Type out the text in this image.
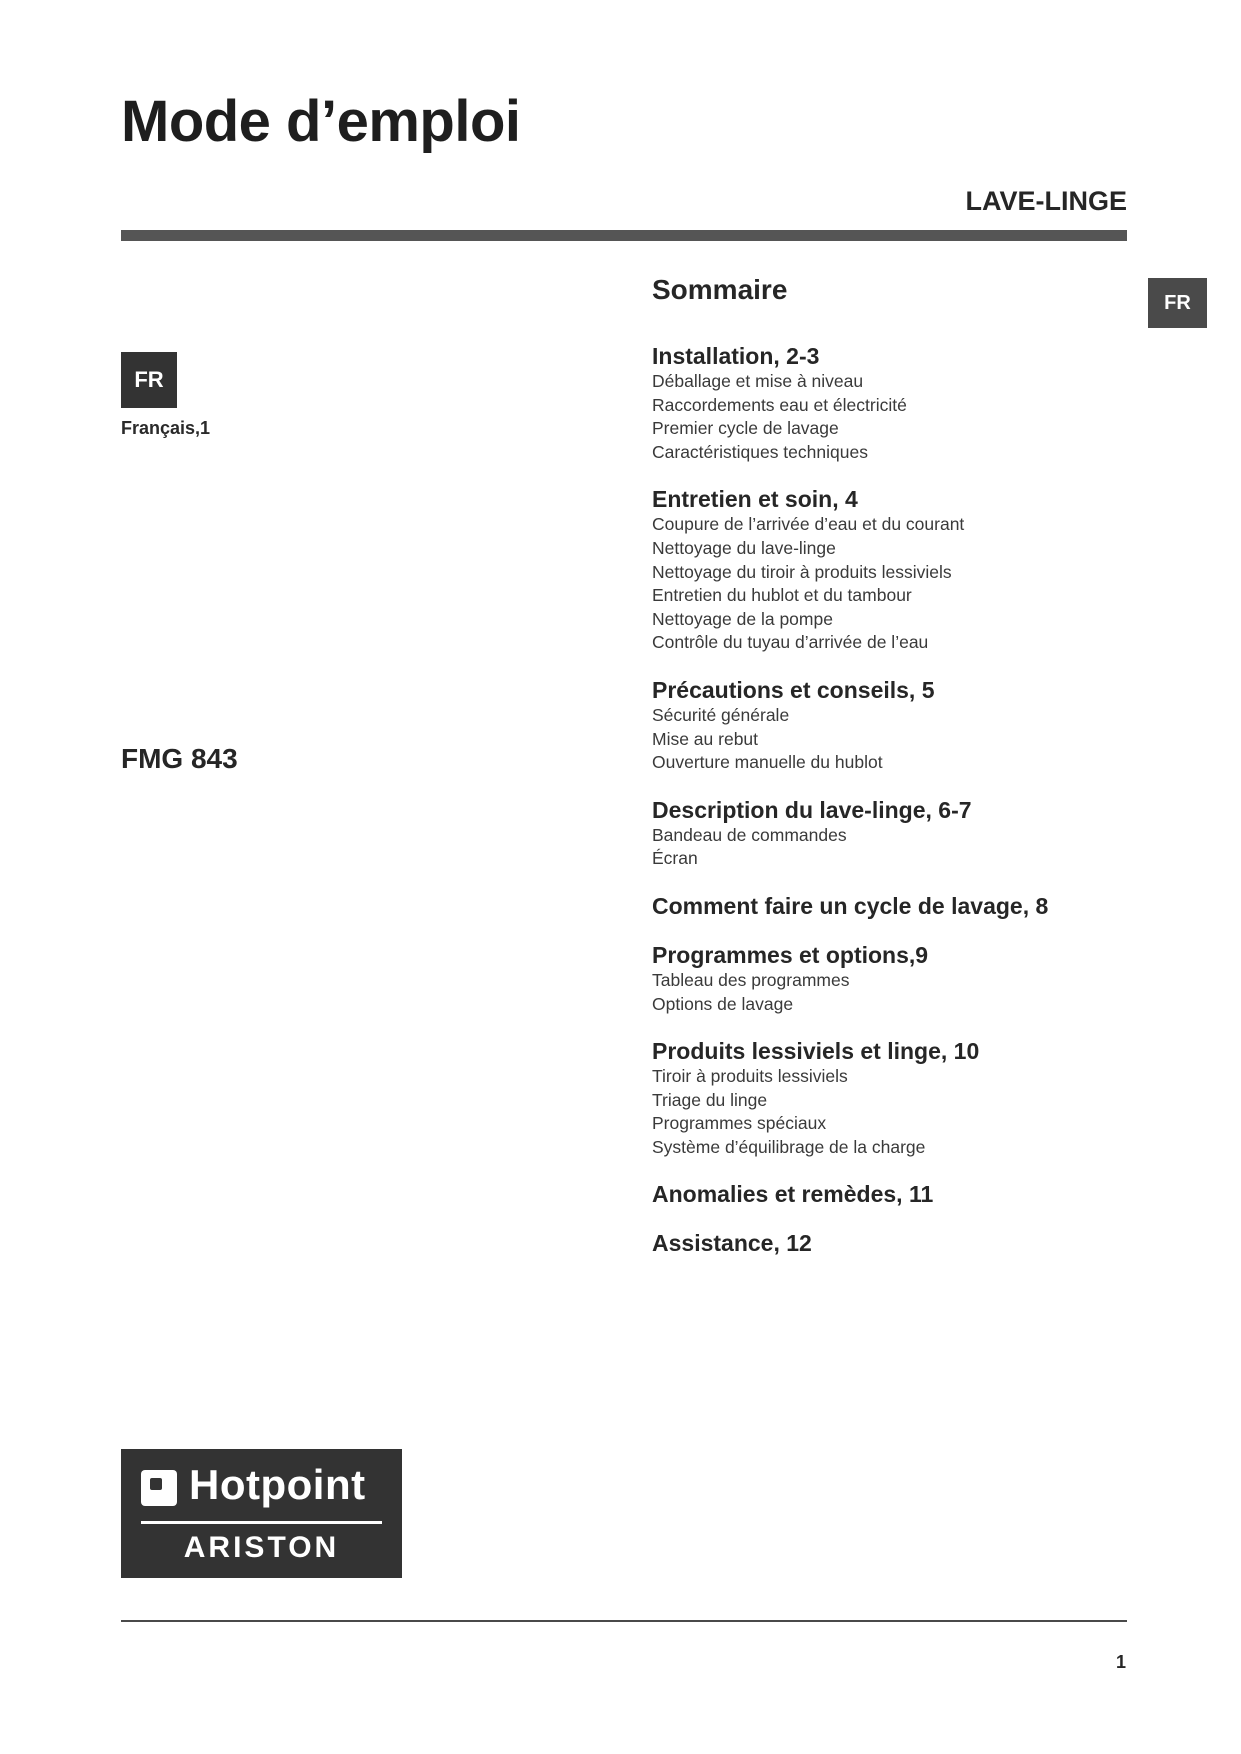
Mode d’emploi
LAVE-LINGE
FR
FR
Français,1
FMG 843
Sommaire
Installation, 2-3
Déballage et mise à niveau
Raccordements eau et électricité
Premier cycle de lavage
Caractéristiques techniques
Entretien et soin, 4
Coupure de l’arrivée d’eau et du courant
Nettoyage du lave-linge
Nettoyage du tiroir à produits lessiviels
Entretien du hublot et du tambour
Nettoyage de la pompe
Contrôle du tuyau d’arrivée de l’eau
Précautions et conseils, 5
Sécurité générale
Mise au rebut
Ouverture manuelle du hublot
Description du lave-linge, 6-7
Bandeau de commandes
Écran
Comment faire un cycle de lavage, 8
Programmes et options,9
Tableau des programmes
Options de lavage
Produits lessiviels et linge, 10
Tiroir à produits lessiviels
Triage du linge
Programmes spéciaux
Système d’équilibrage de la charge
Anomalies et remèdes, 11
Assistance, 12
Hotpoint
ARISTON
1
